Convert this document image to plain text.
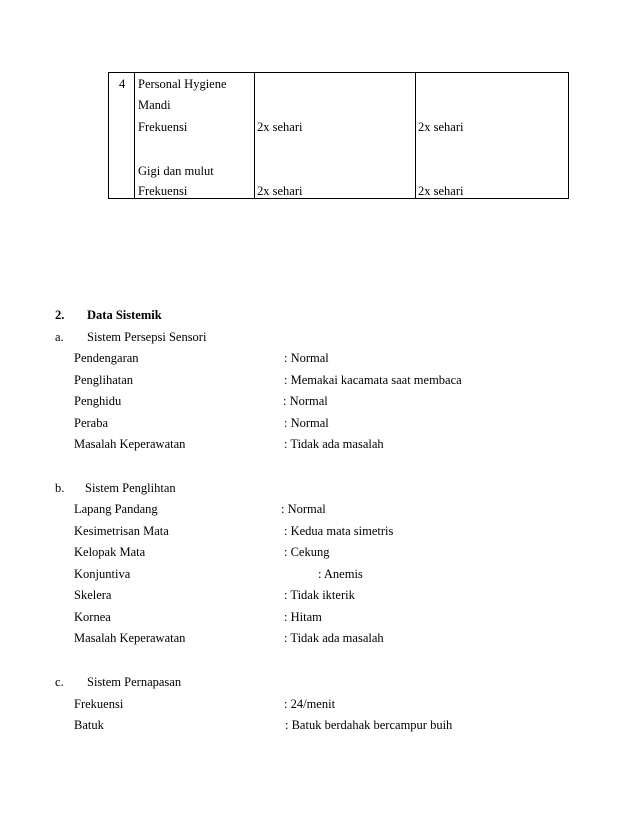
4 Personal Hygiene
Mandi
Frekuensi	2x sehari	2x sehari
Gigi dan mulut
Frekuensi	2x sehari	2x sehari
2. Data Sistemik
a. Sistem Persepsi Sensori
Pendengaran	: Normal
Penglihatan	: Memakai kacamata saat membaca
Penghidu	: Normal
Peraba	: Normal
Masalah Keperawatan	: Tidak ada masalah
b. Sistem Penglihtan
Lapang Pandang	: Normal
Kesimetrisan Mata	: Kedua mata simetris
Kelopak Mata	: Cekung
Konjuntiva	: Anemis
Skelera	: Tidak ikterik
Kornea	: Hitam
Masalah Keperawatan	: Tidak ada masalah
c. Sistem Pernapasan
Frekuensi	: 24/menit
Batuk	: Batuk berdahak bercampur buih
